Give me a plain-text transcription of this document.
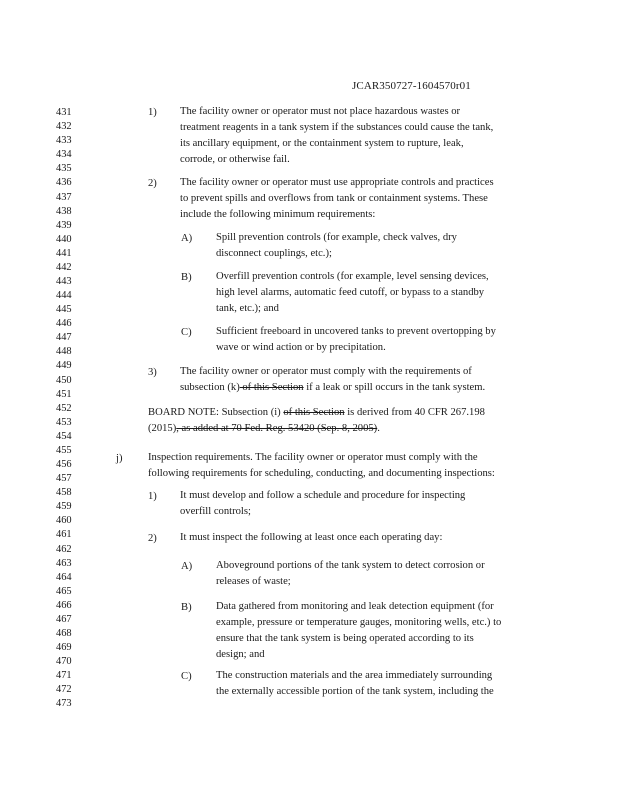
JCAR350727-1604570r01
431
432
433
434
435
436
437
438
439
440
441
442
443
444
445
446
447
448
449
450
451
452
453
454
455
456
457
458
459
460
461
462
463
464
465
466
467
468
469
470
471
472
473
1) The facility owner or operator must not place hazardous wastes or
treatment reagents in a tank system if the substances could cause the tank,
its ancillary equipment, or the containment system to rupture, leak,
corrode, or otherwise fail.
2) The facility owner or operator must use appropriate controls and practices
to prevent spills and overflows from tank or containment systems. These
include the following minimum requirements:
A) Spill prevention controls (for example, check valves, dry
disconnect couplings, etc.);
B) Overfill prevention controls (for example, level sensing devices,
high level alarms, automatic feed cutoff, or bypass to a standby
tank, etc.); and
C) Sufficient freeboard in uncovered tanks to prevent overtopping by
wave or wind action or by precipitation.
3) The facility owner or operator must comply with the requirements of
subsection (k) of this Section if a leak or spill occurs in the tank system.
BOARD NOTE: Subsection (i) of this Section is derived from 40 CFR 267.198
(2015), as added at 70 Fed. Reg. 53420 (Sep. 8, 2005).
j) Inspection requirements. The facility owner or operator must comply with the
following requirements for scheduling, conducting, and documenting inspections:
1) It must develop and follow a schedule and procedure for inspecting
overfill controls;
2) It must inspect the following at least once each operating day:
A) Aboveground portions of the tank system to detect corrosion or
releases of waste;
B) Data gathered from monitoring and leak detection equipment (for
example, pressure or temperature gauges, monitoring wells, etc.) to
ensure that the tank system is being operated according to its
design; and
C) The construction materials and the area immediately surrounding
the externally accessible portion of the tank system, including the
